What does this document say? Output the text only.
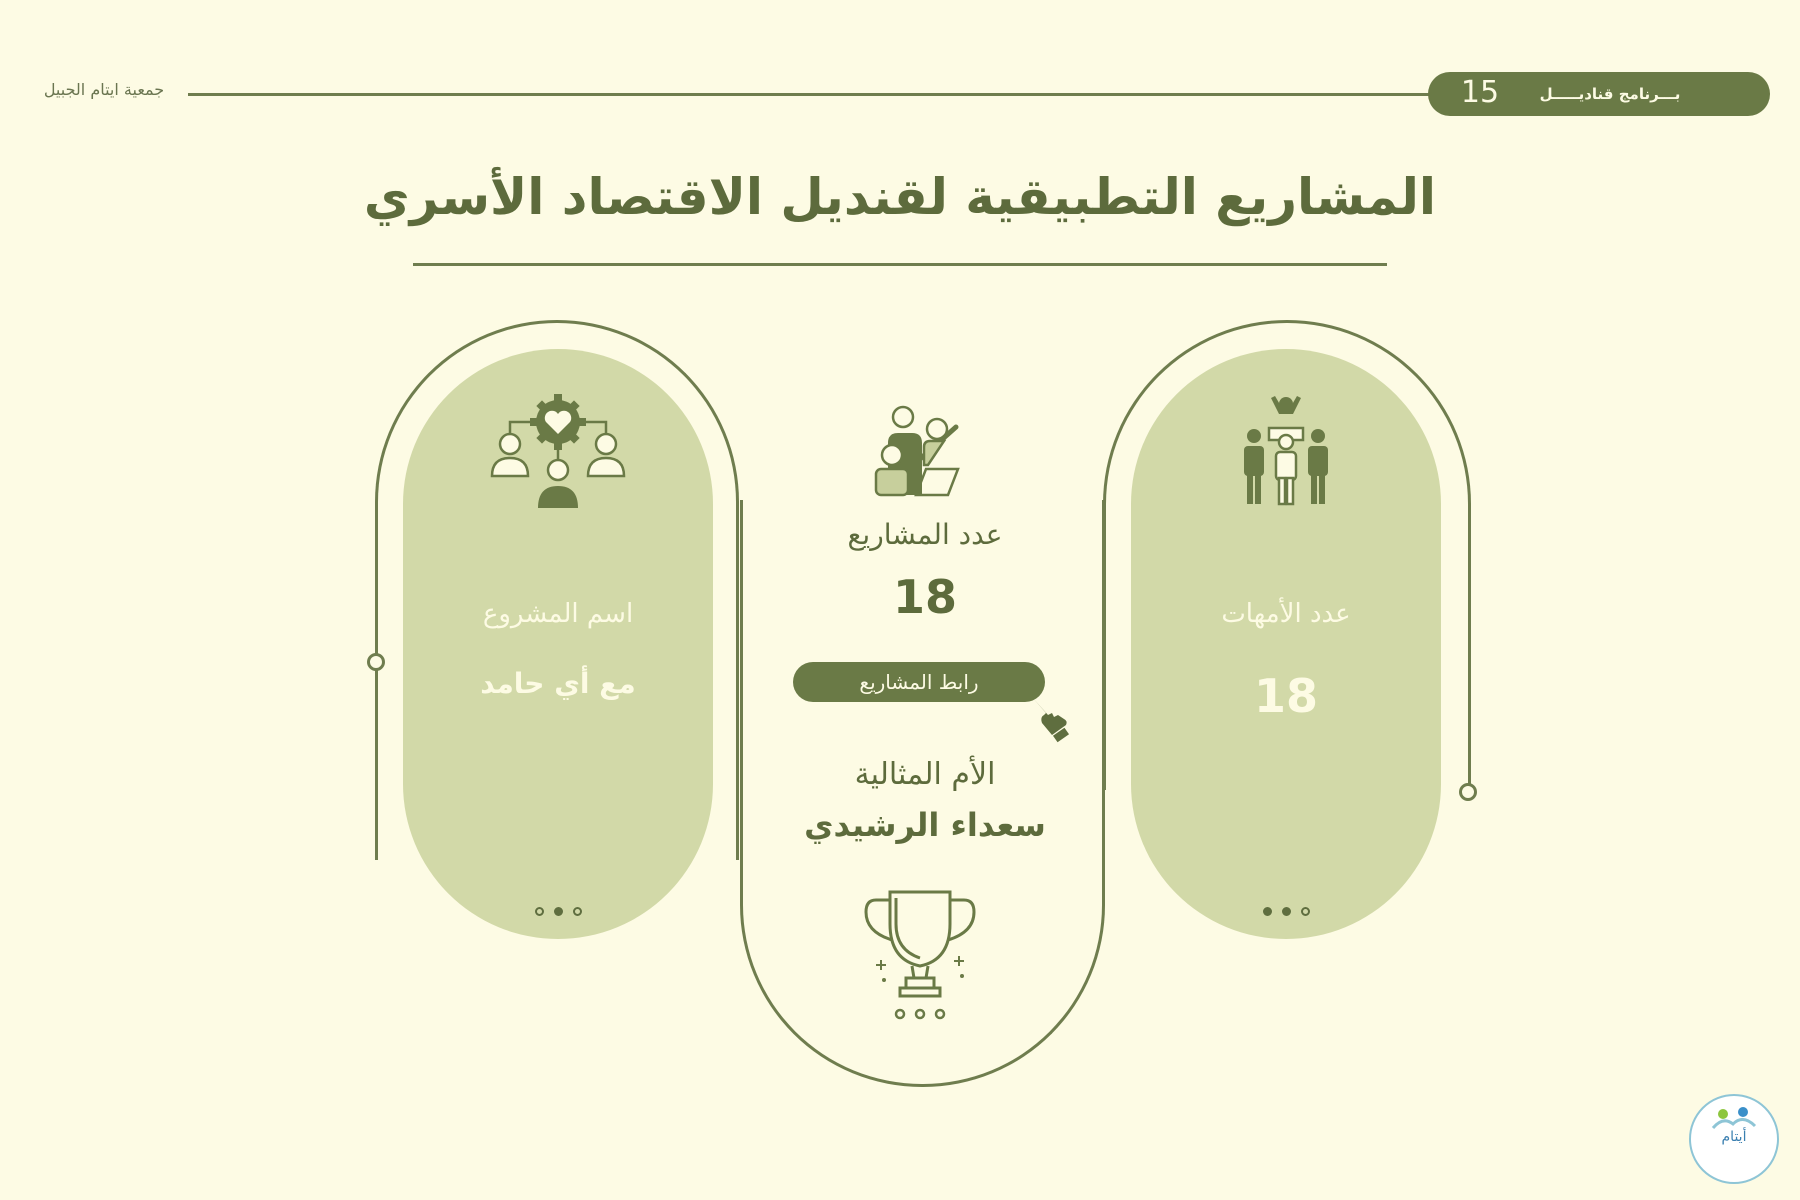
جمعية ايتام الجبيل	15	بـــرنامج قناديـــــل
المشاريع التطبيقية لقنديل الاقتصاد الأسري
اسم المشروع
مع أي حامد
عدد الأمهات
18
عدد المشاريع
18
رابط المشاريع
الأم المثالية
سعداء الرشيدي
أيتام
